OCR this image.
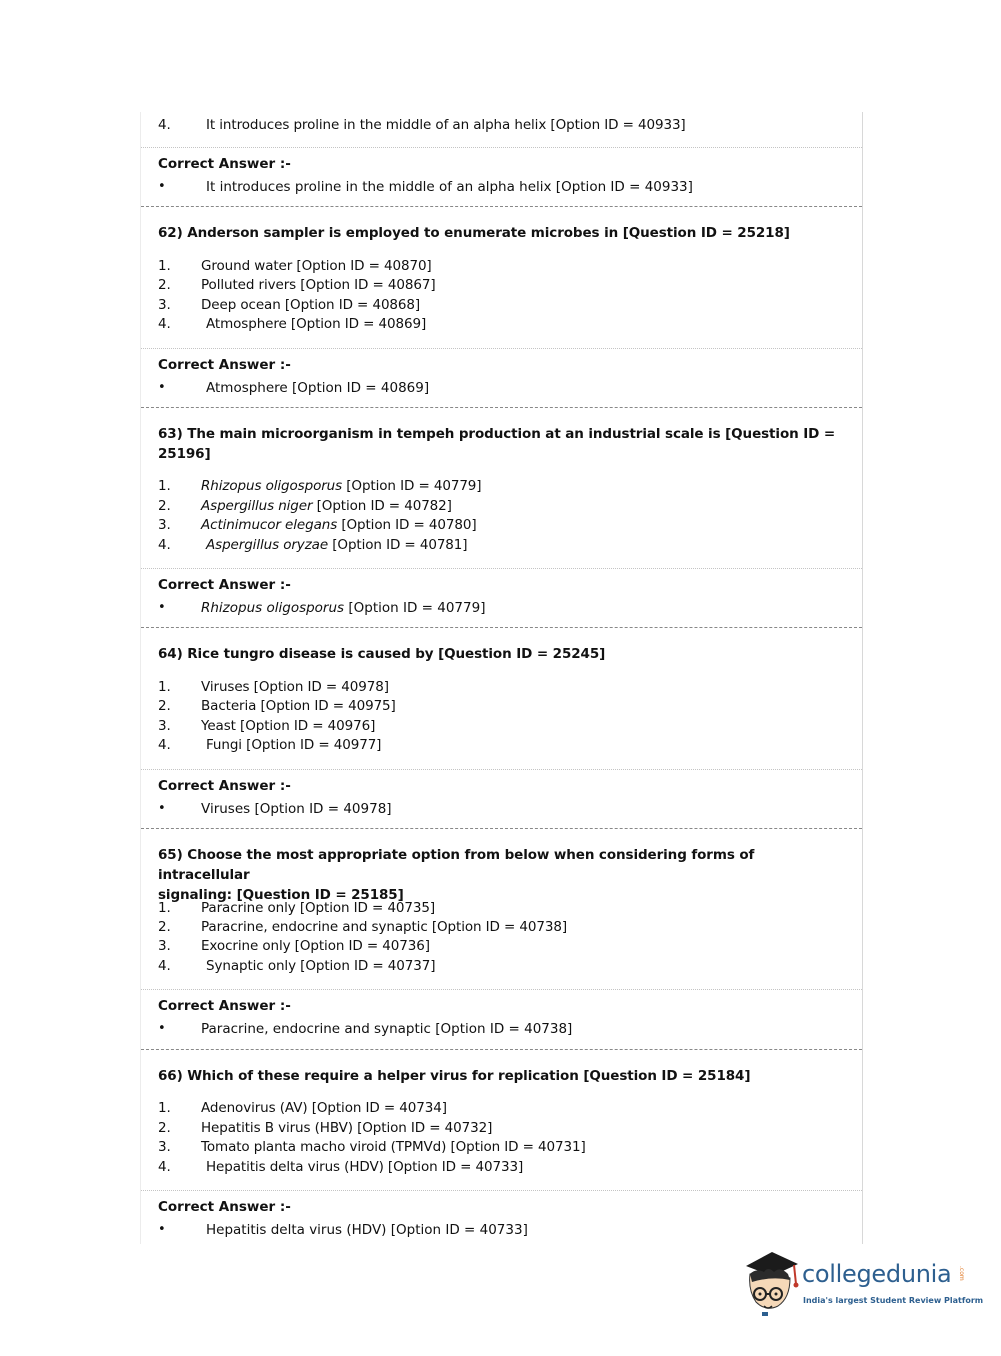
4.	It introduces proline in the middle of an alpha helix [Option ID = 40933]
Correct Answer :-
•	It introduces proline in the middle of an alpha helix [Option ID = 40933]
62) Anderson sampler is employed to enumerate microbes in [Question ID = 25218]
1. Ground water [Option ID = 40870]
2. Polluted rivers [Option ID = 40867]
3. Deep ocean [Option ID = 40868]
4.	Atmosphere [Option ID = 40869]
Correct Answer :-
•	Atmosphere [Option ID = 40869]
63) The main microorganism in tempeh production at an industrial scale is [Question ID =
25196]
1. Rhizopus oligosporus [Option ID = 40779]
2. Aspergillus niger [Option ID = 40782]
3. Actinimucor elegans [Option ID = 40780]
4.	Aspergillus oryzae [Option ID = 40781]
Correct Answer :-
•	Rhizopus oligosporus [Option ID = 40779]
64) Rice tungro disease is caused by [Question ID = 25245]
1. Viruses [Option ID = 40978]
2. Bacteria [Option ID = 40975]
3. Yeast [Option ID = 40976]
4.	Fungi [Option ID = 40977]
Correct Answer :-
•	Viruses [Option ID = 40978]
65) Choose the most appropriate option from below when considering forms of intracellular
signaling: [Question ID = 25185]
1. Paracrine only [Option ID = 40735]
2. Paracrine, endocrine and synaptic [Option ID = 40738]
3. Exocrine only [Option ID = 40736]
4.	Synaptic only [Option ID = 40737]
Correct Answer :-
•	Paracrine, endocrine and synaptic [Option ID = 40738]
66) Which of these require a helper virus for replication [Question ID = 25184]
1. Adenovirus (AV) [Option ID = 40734]
2. Hepatitis B virus (HBV) [Option ID = 40732]
3. Tomato planta macho viroid (TPMVd) [Option ID = 40731]
4.	Hepatitis delta virus (HDV) [Option ID = 40733]
Correct Answer :-
•	Hepatitis delta virus (HDV) [Option ID = 40733]
collegedunia .com
India's largest Student Review Platform
